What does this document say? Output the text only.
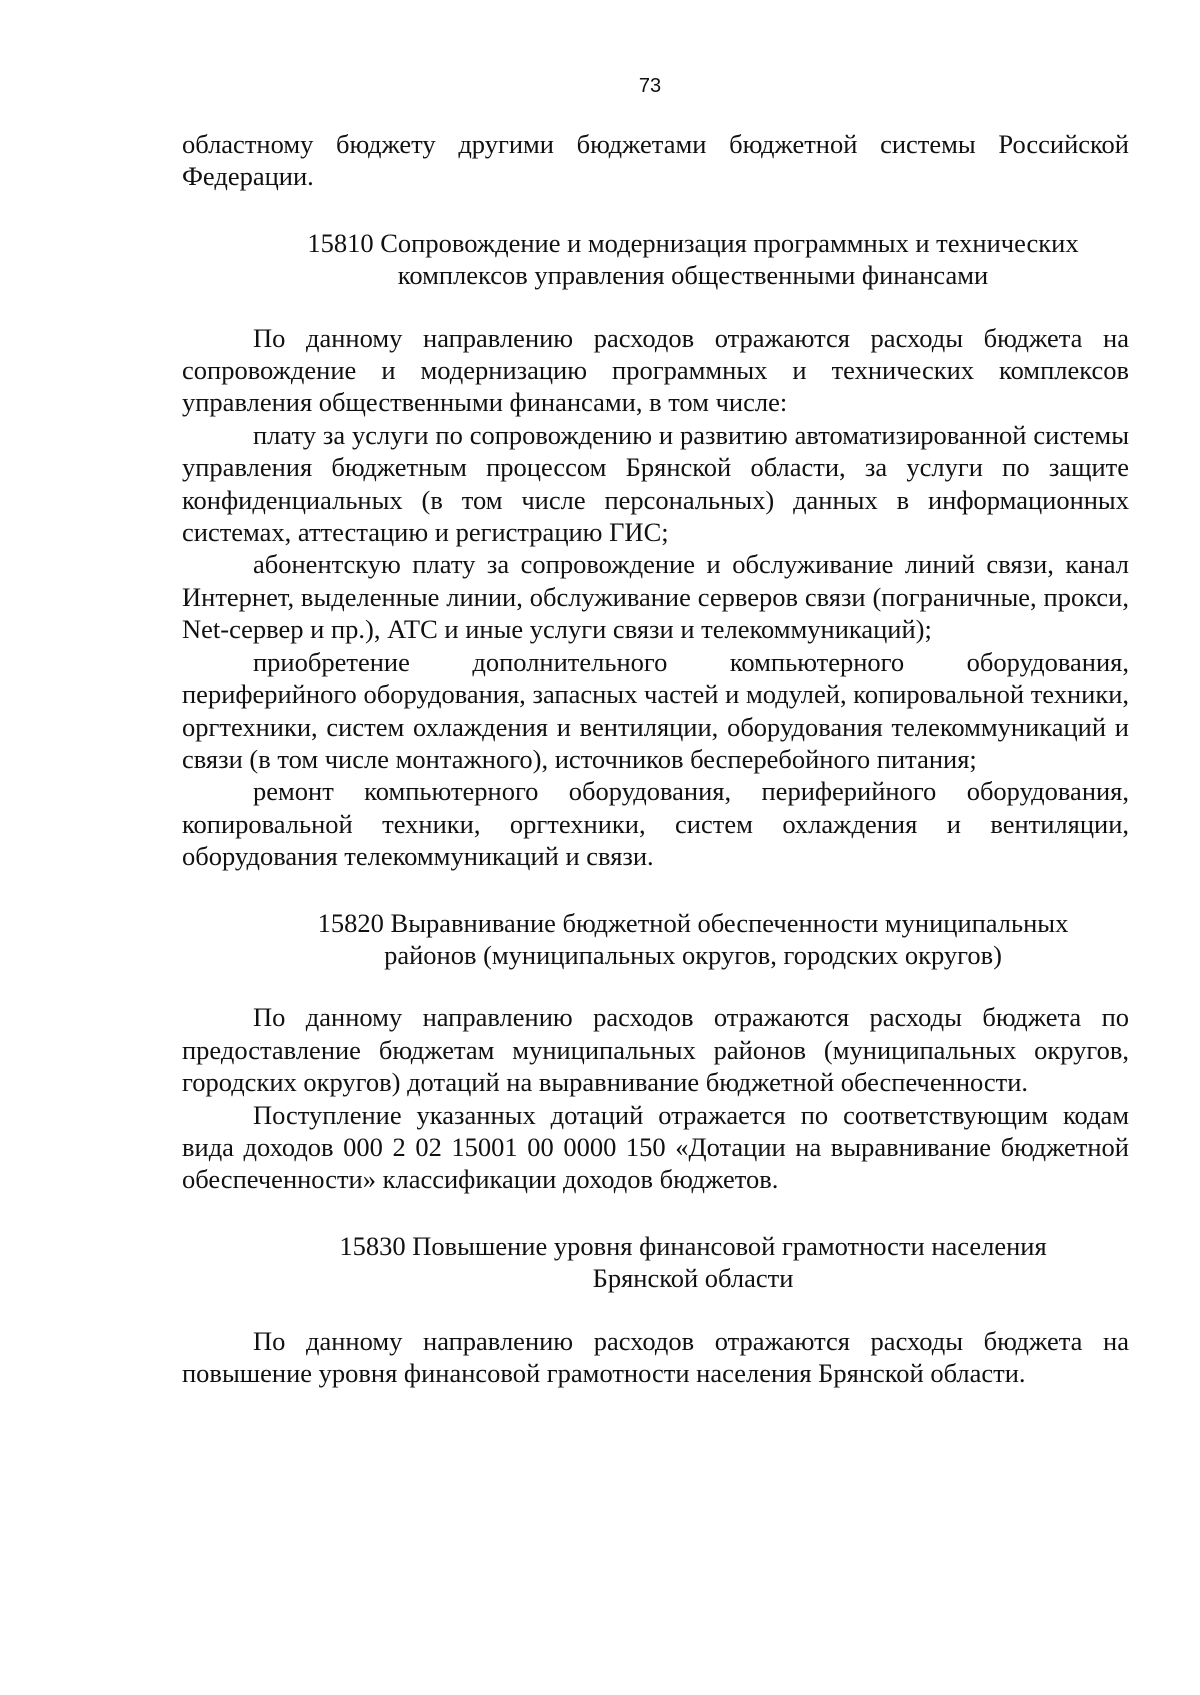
73

областному бюджету другими бюджетами бюджетной системы Российской Федерации.

15810 Сопровождение и модернизация программных и технических
комплексов управления общественными финансами

По данному направлению расходов отражаются расходы бюджета на сопровождение и модернизацию программных и технических комплексов управления общественными финансами, в том числе:

плату за услуги по сопровождению и развитию автоматизированной системы управления бюджетным процессом Брянской области, за услуги по защите конфиденциальных (в том числе персональных) данных в информационных системах, аттестацию и регистрацию ГИС;

абонентскую плату за сопровождение и обслуживание линий связи, канал Интернет, выделенные линии, обслуживание серверов связи (пограничные, прокси, Net-сервер и пр.), АТС и иные услуги связи и телекоммуникаций);

приобретение дополнительного компьютерного оборудования, периферийного оборудования, запасных частей и модулей, копировальной техники, оргтехники, систем охлаждения и вентиляции, оборудования телекоммуникаций и связи (в том числе монтажного), источников бесперебойного питания;

ремонт компьютерного оборудования, периферийного оборудования, копировальной техники, оргтехники, систем охлаждения и вентиляции, оборудования телекоммуникаций и связи.

15820 Выравнивание бюджетной обеспеченности муниципальных
районов (муниципальных округов, городских округов)

По данному направлению расходов отражаются расходы бюджета по предоставление бюджетам муниципальных районов (муниципальных округов, городских округов) дотаций на выравнивание бюджетной обеспеченности.

Поступление указанных дотаций отражается по соответствующим кодам вида доходов 000 2 02 15001 00 0000 150 «Дотации на выравнивание бюджетной обеспеченности» классификации доходов бюджетов.

15830 Повышение уровня финансовой грамотности населения
Брянской области

По данному направлению расходов отражаются расходы бюджета на повышение уровня финансовой грамотности населения Брянской области.
